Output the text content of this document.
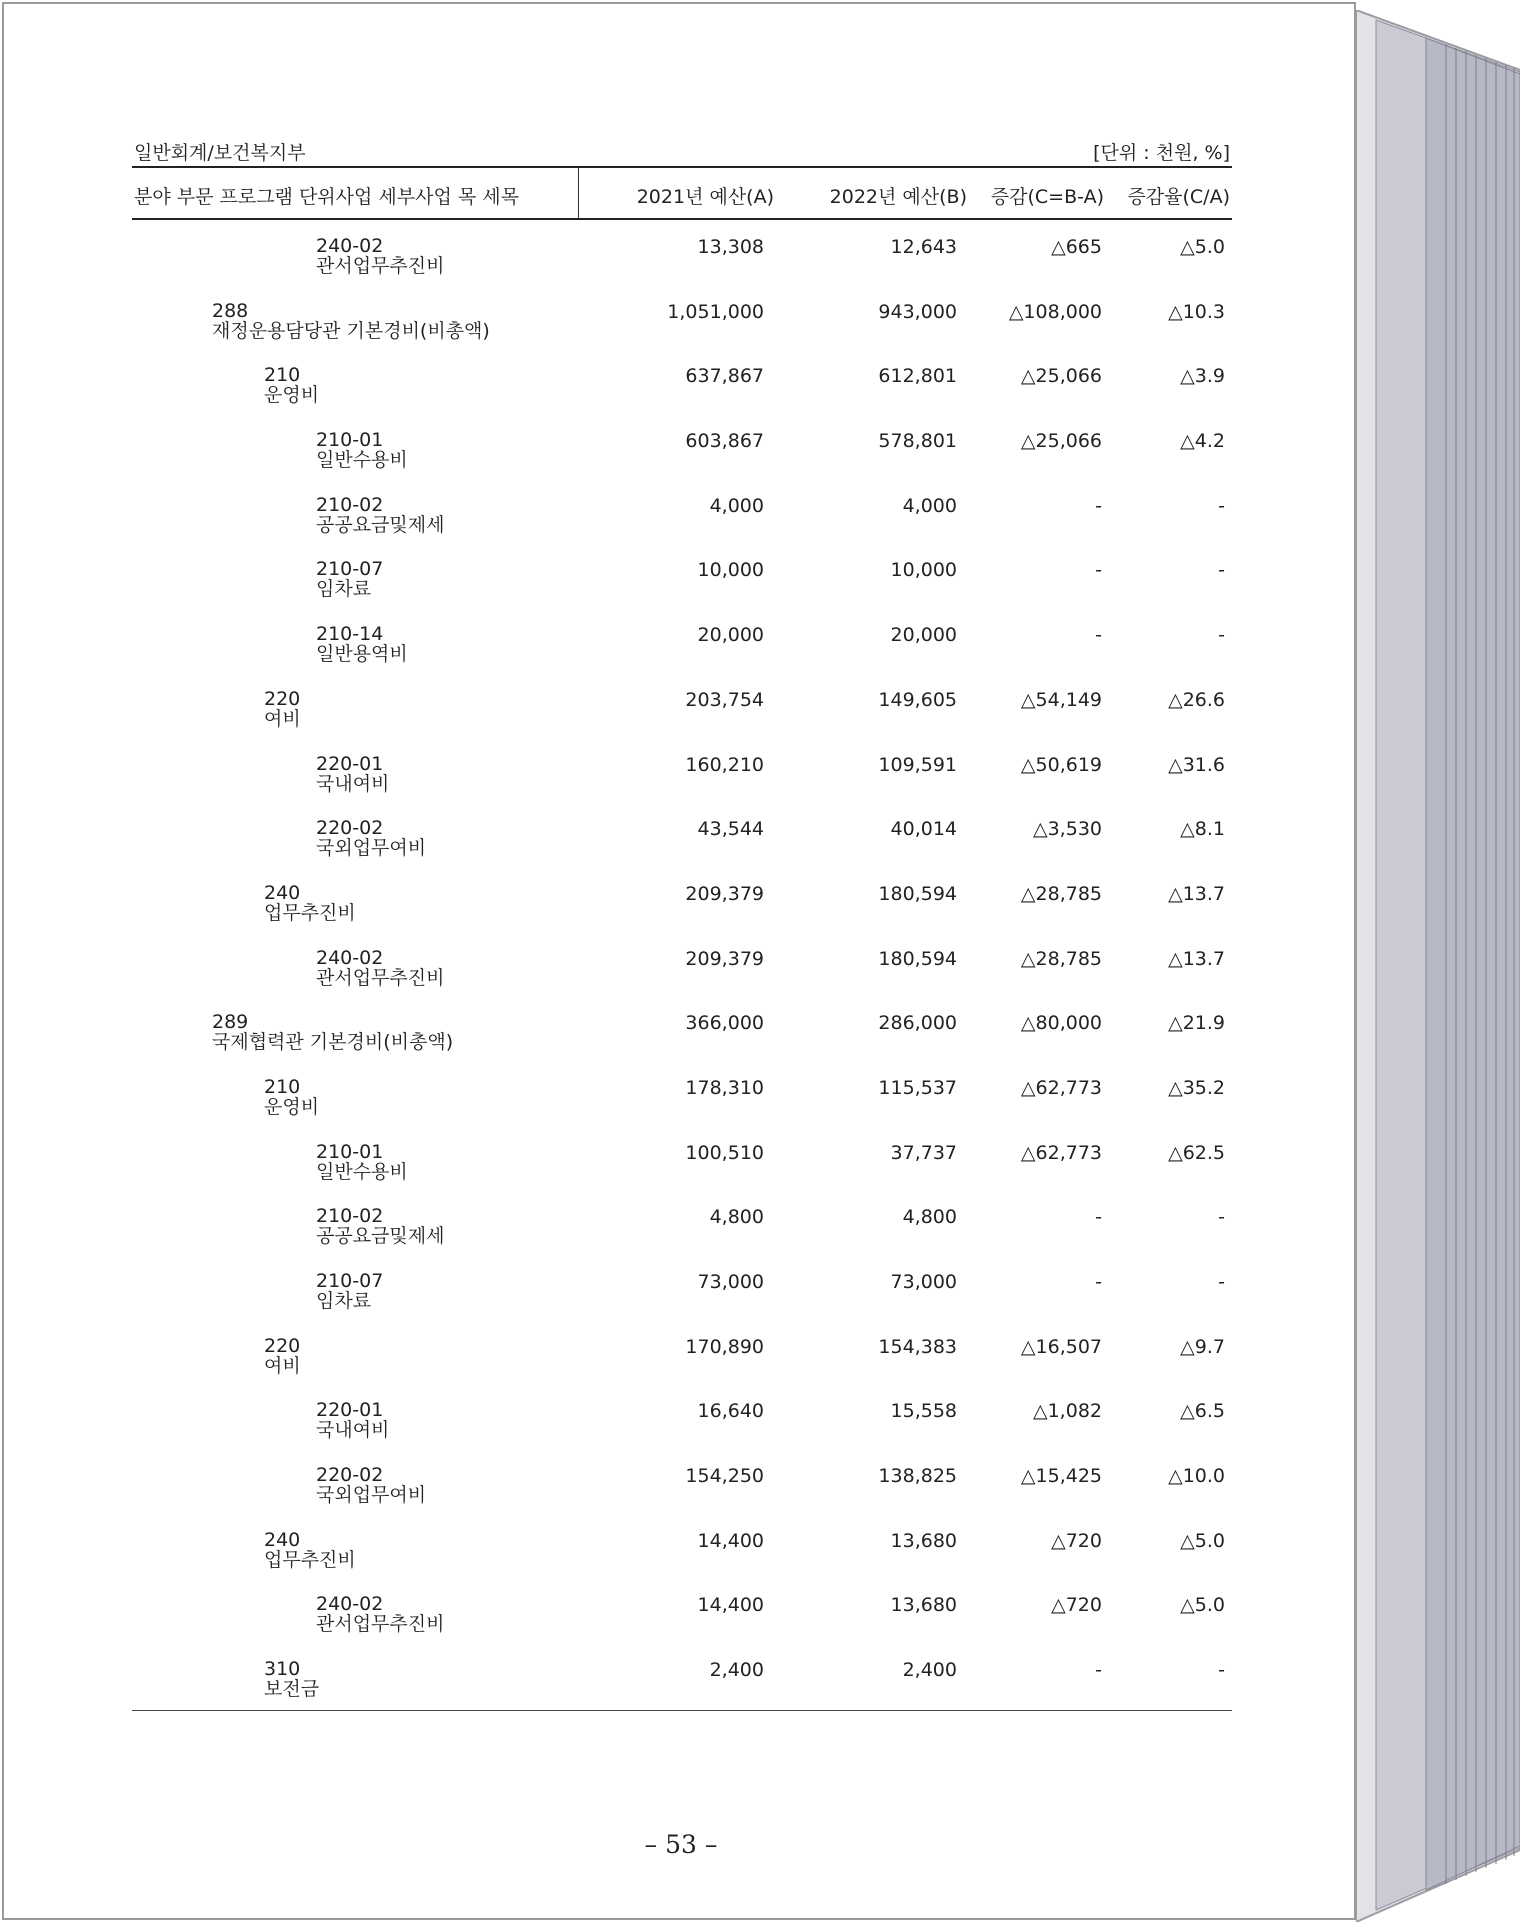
일반회계/보건복지부	[단위 : 천원, %]
분야 부문 프로그램 단위사업 세부사업 목 세목	2021년 예산(A)	2022년 예산(B) 증감(C=B-A) 증감율(C/A)
240-02
관서업무추진비
13,308	12,643	△665	△5.0
288
재정운용담당관 기본경비(비총액)
1,051,000	943,000	△108,000	△10.3
210
운영비
637,867	612,801	△25,066	△3.9
210-01
일반수용비
603,867	578,801	△25,066	△4.2
210-02
공공요금및제세
4,000	4,000	-	-
210-07
임차료
10,000	10,000	-	-
210-14
일반용역비
20,000	20,000	-	-
220
여비
203,754	149,605	△54,149	△26.6
220-01
국내여비
160,210	109,591	△50,619	△31.6
220-02
국외업무여비
43,544	40,014	△3,530	△8.1
240
업무추진비
209,379	180,594	△28,785	△13.7
240-02
관서업무추진비
209,379	180,594	△28,785	△13.7
289
국제협력관 기본경비(비총액)
366,000	286,000	△80,000	△21.9
210
운영비
178,310	115,537	△62,773	△35.2
210-01
일반수용비
100,510	37,737	△62,773	△62.5
210-02
공공요금및제세
4,800	4,800	-	-
210-07
임차료
73,000	73,000	-	-
220
여비
170,890	154,383	△16,507	△9.7
220-01
국내여비
16,640	15,558	△1,082	△6.5
220-02
국외업무여비
154,250	138,825	△15,425	△10.0
240
업무추진비
14,400	13,680	△720	△5.0
240-02
관서업무추진비
14,400	13,680	△720	△5.0
310
보전금
2,400	2,400	-	-
– 53 –
